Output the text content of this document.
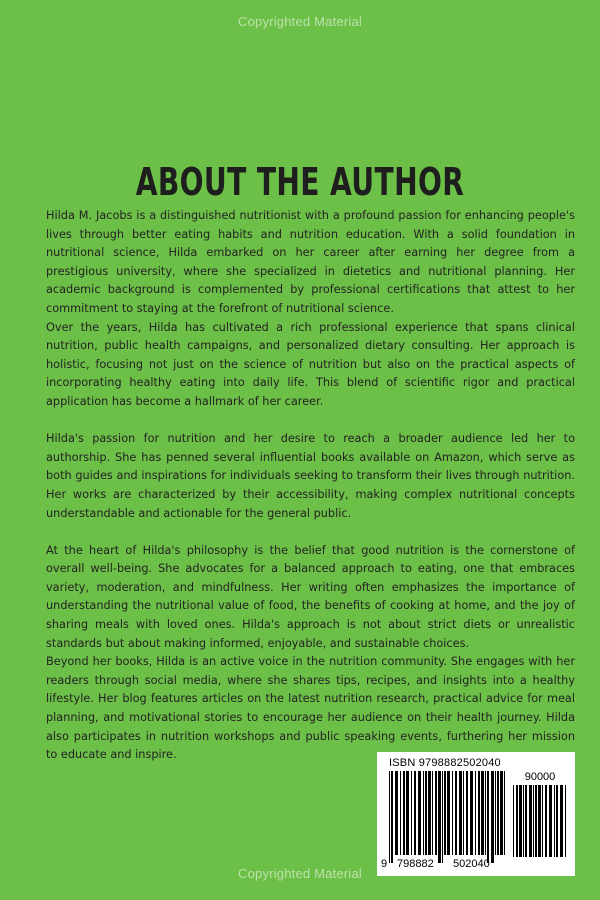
Copyrighted Material
ABOUT THE AUTHOR

Hilda M. Jacobs is a distinguished nutritionist with a profound passion for enhancing people's lives through better eating habits and nutrition education. With a solid foundation in nutritional science, Hilda embarked on her career after earning her degree from a prestigious university, where she specialized in dietetics and nutritional planning. Her academic background is complemented by professional certifications that attest to her commitment to staying at the forefront of nutritional science.

Over the years, Hilda has cultivated a rich professional experience that spans clinical nutrition, public health campaigns, and personalized dietary consulting. Her approach is holistic, focusing not just on the science of nutrition but also on the practical aspects of incorporating healthy eating into daily life. This blend of scientific rigor and practical application has become a hallmark of her career.

Hilda's passion for nutrition and her desire to reach a broader audience led her to authorship. She has penned several influential books available on Amazon, which serve as both guides and inspirations for individuals seeking to transform their lives through nutrition. Her works are characterized by their accessibility, making complex nutritional concepts understandable and actionable for the general public.

At the heart of Hilda's philosophy is the belief that good nutrition is the cornerstone of overall well-being. She advocates for a balanced approach to eating, one that embraces variety, moderation, and mindfulness. Her writing often emphasizes the importance of understanding the nutritional value of food, the benefits of cooking at home, and the joy of sharing meals with loved ones. Hilda's approach is not about strict diets or unrealistic standards but about making informed, enjoyable, and sustainable choices.

Beyond her books, Hilda is an active voice in the nutrition community. She engages with her readers through social media, where she shares tips, recipes, and insights into a healthy lifestyle. Her blog features articles on the latest nutrition research, practical advice for meal planning, and motivational stories to encourage her audience on their health journey. Hilda also participates in nutrition workshops and public speaking events, furthering her mission to educate and inspire.

ISBN 9798882502040
90000
9 798882 502040
Copyrighted Material
